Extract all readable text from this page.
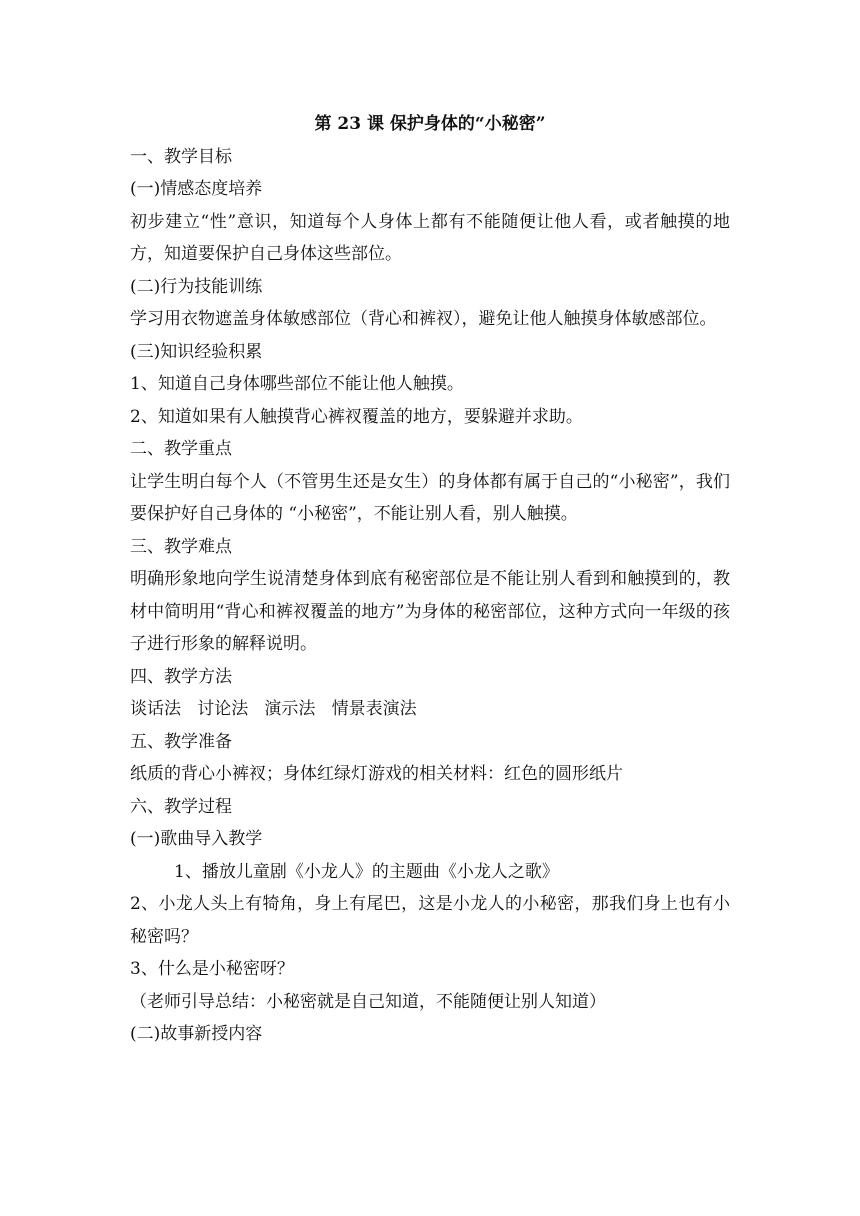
第 23 课 保护身体的“小秘密”

一、教学目标

(一)情感态度培养

初步建立“性”意识，知道每个人身体上都有不能随便让他人看，或者触摸的地方，知道要保护自己身体这些部位。

(二)行为技能训练

学习用衣物遮盖身体敏感部位（背心和裤衩），避免让他人触摸身体敏感部位。

(三)知识经验积累

1、知道自己身体哪些部位不能让他人触摸。

2、知道如果有人触摸背心裤衩覆盖的地方，要躲避并求助。

二、教学重点

让学生明白每个人（不管男生还是女生）的身体都有属于自己的“小秘密”，我们要保护好自己身体的 “小秘密”，不能让别人看，别人触摸。

三、教学难点

明确形象地向学生说清楚身体到底有秘密部位是不能让别人看到和触摸到的，教材中简明用“背心和裤衩覆盖的地方”为身体的秘密部位，这种方式向一年级的孩子进行形象的解释说明。

四、教学方法

谈话法   讨论法   演示法   情景表演法

五、教学准备

纸质的背心小裤衩；身体红绿灯游戏的相关材料：红色的圆形纸片

六、教学过程

(一)歌曲导入教学

1、播放儿童剧《小龙人》的主题曲《小龙人之歌》

2、小龙人头上有犄角，身上有尾巴，这是小龙人的小秘密，那我们身上也有小秘密吗？

3、什么是小秘密呀？

（老师引导总结：小秘密就是自己知道，不能随便让别人知道）

(二)故事新授内容
